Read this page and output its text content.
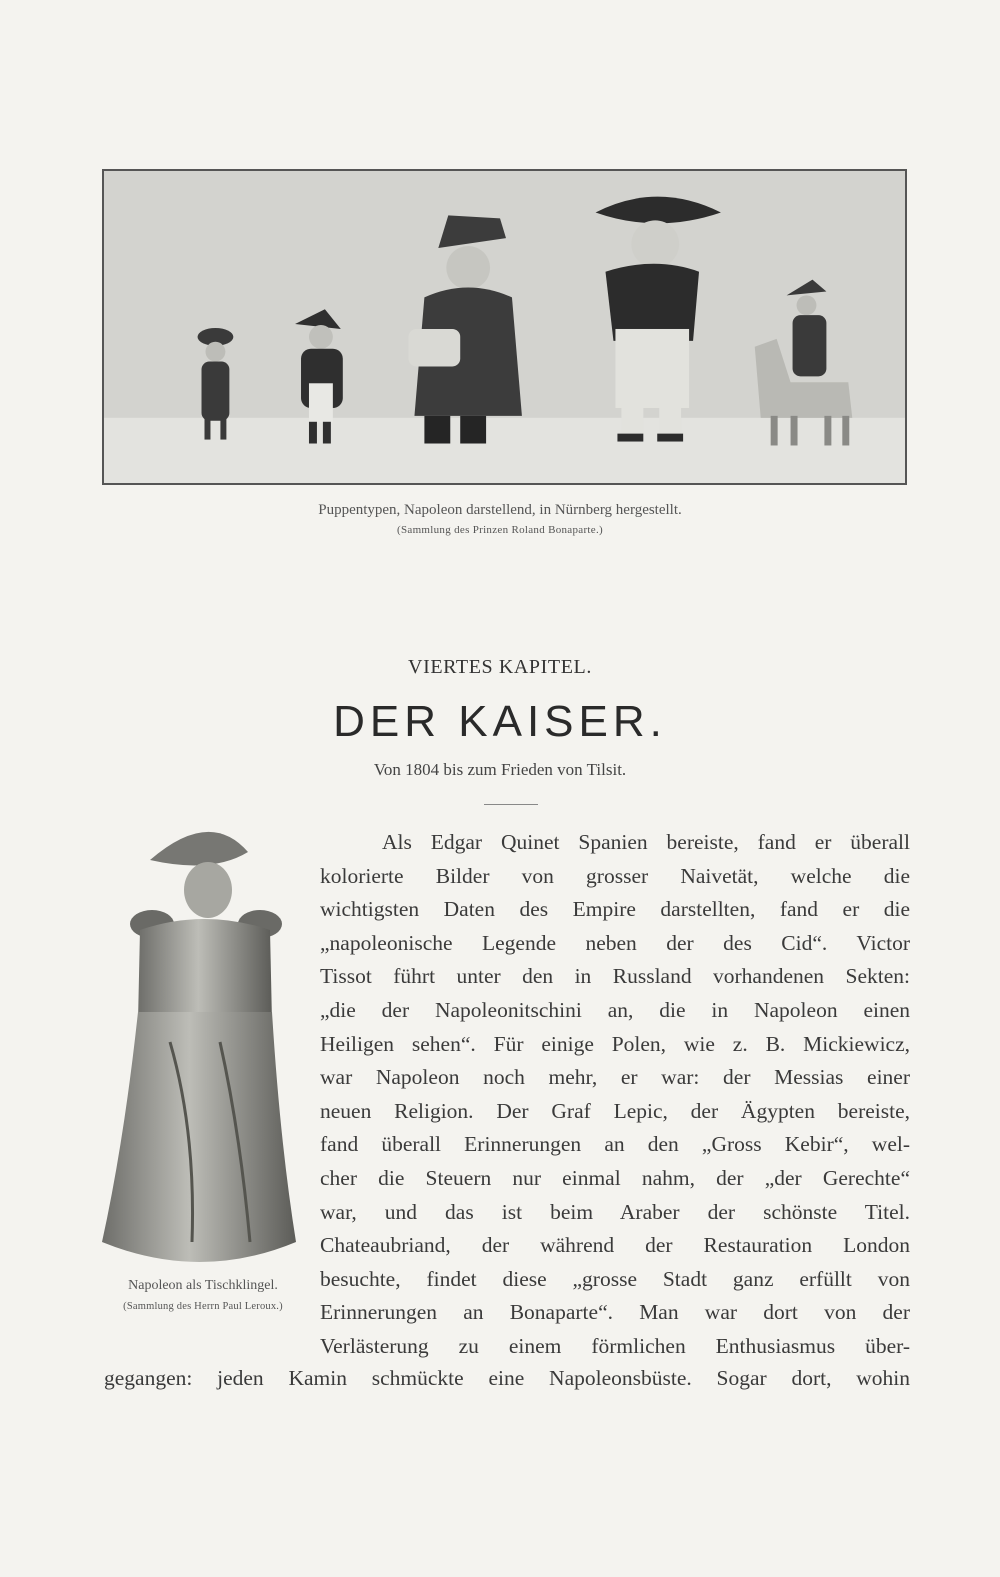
Puppentypen, Napoleon darstellend, in Nürnberg hergestellt.
(Sammlung des Prinzen Roland Bonaparte.)
VIERTES KAPITEL.
DER KAISER.
Von 1804 bis zum Frieden von Tilsit.
Napoleon als Tischklingel.
(Sammlung des Herrn Paul Leroux.)
Als Edgar Quinet Spanien bereiste, fand er überall
kolorierte Bilder von grosser Naivetät, welche die
wichtigsten Daten des Empire darstellten, fand er die
„napoleonische Legende neben der des Cid“. Victor
Tissot führt unter den in Russland vorhandenen Sekten:
„die der Napoleonitschini an, die in Napoleon einen
Heiligen sehen“. Für einige Polen, wie z. B. Mickiewicz,
war Napoleon noch mehr, er war: der Messias einer
neuen Religion. Der Graf Lepic, der Ägypten bereiste,
fand überall Erinnerungen an den „Gross Kebir“, wel-
cher die Steuern nur einmal nahm, der „der Gerechte“
war, und das ist beim Araber der schönste Titel.
Chateaubriand, der während der Restauration London
besuchte, findet diese „grosse Stadt ganz erfüllt von
Erinnerungen an Bonaparte“. Man war dort von der
Verlästerung zu einem förmlichen Enthusiasmus über-
gegangen: jeden Kamin schmückte eine Napoleonsbüste. Sogar dort, wohin
